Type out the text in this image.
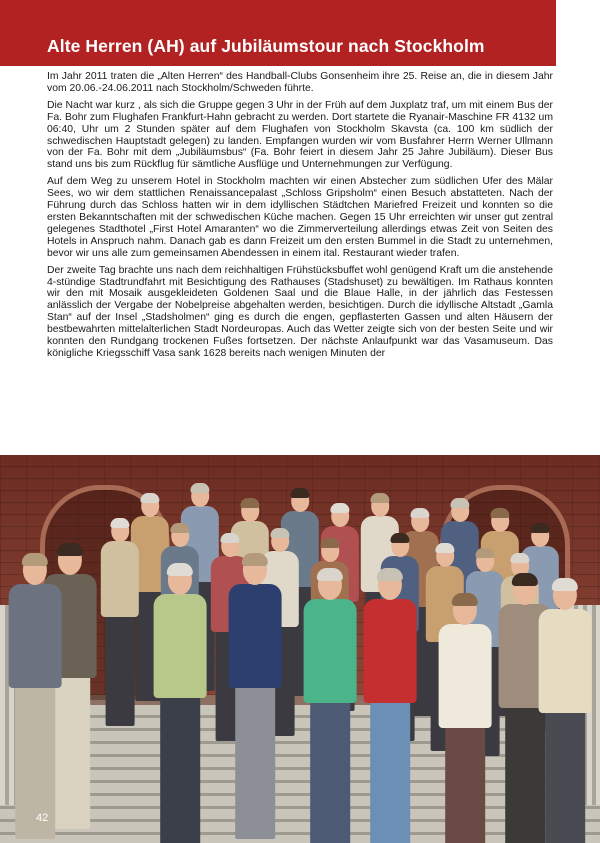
Alte Herren (AH) auf Jubiläumstour nach Stockholm

Im Jahr 2011 traten die „Alten Herren“ des Handball-Clubs Gonsenheim ihre 25. Reise an, die in diesem Jahr vom 20.06.-24.06.2011 nach Stockholm/Schweden führte.

Die Nacht war kurz , als sich die Gruppe gegen 3 Uhr in der Früh auf dem Juxplatz traf, um mit einem Bus der Fa. Bohr zum Flughafen Frankfurt-Hahn gebracht zu werden. Dort startete die Ryanair-Maschine FR 4132 um 06:40, Uhr um 2 Stunden später auf dem Flughafen von Stockholm Skavsta (ca. 100 km südlich der schwedischen Hauptstadt gelegen) zu landen. Empfangen wurden wir vom Busfahrer Herrn Werner Ullmann von der Fa. Bohr mit dem „Jubiläumsbus“ (Fa. Bohr feiert in diesem Jahr 25 Jahre Jubiläum). Dieser Bus stand uns bis zum Rückflug für sämtliche Ausflüge und Unternehmungen zur Verfügung.

Auf dem Weg zu unserem Hotel in Stockholm machten wir einen Abstecher zum südlichen Ufer des Mälar Sees, wo wir dem stattlichen Renaissancepalast „Schloss Gripsholm“ einen Besuch abstatteten. Nach der Führung durch das Schloss hatten wir in dem idyllischen Städtchen Mariefred Freizeit und konnten so die ersten Bekanntschaften mit der schwedischen Küche machen. Gegen 15 Uhr erreichten wir unser gut zentral gelegenes Stadthotel „First Hotel Amaranten“ wo die Zimmerverteilung allerdings etwas Zeit von Seiten des Hotels in Anspruch nahm. Danach gab es dann Freizeit um den ersten Bummel in die Stadt zu unternehmen, bevor wir uns alle zum gemeinsamen Abendessen in einem ital. Restaurant wieder trafen.

Der zweite Tag brachte uns nach dem reichhaltigen Frühstücksbuffet wohl genügend Kraft um die anstehende 4-stündige Stadtrundfahrt mit Besichtigung des Rathauses (Stadshuset) zu bewältigen. Im Rathaus konnten wir den mit Mosaik ausgekleideten Goldenen Saal und die Blaue Halle, in der jährlich das Festessen anlässlich der Vergabe der Nobelpreise abgehalten werden, besichtigen. Durch die idyllische Altstadt „Gamla Stan“ auf der Insel „Stadsholmen“ ging es durch die engen, gepflasterten Gassen und alten Häusern der bestbewahrten mittelalterlichen Stadt Nordeuropas. Auch das Wetter zeigte sich von der besten Seite und wir konnten den Rundgang trockenen Fußes fortsetzen. Der nächste Anlaufpunkt war das Vasamuseum. Das königliche Kriegsschiff Vasa sank 1628 bereits nach wenigen Minuten der

42
